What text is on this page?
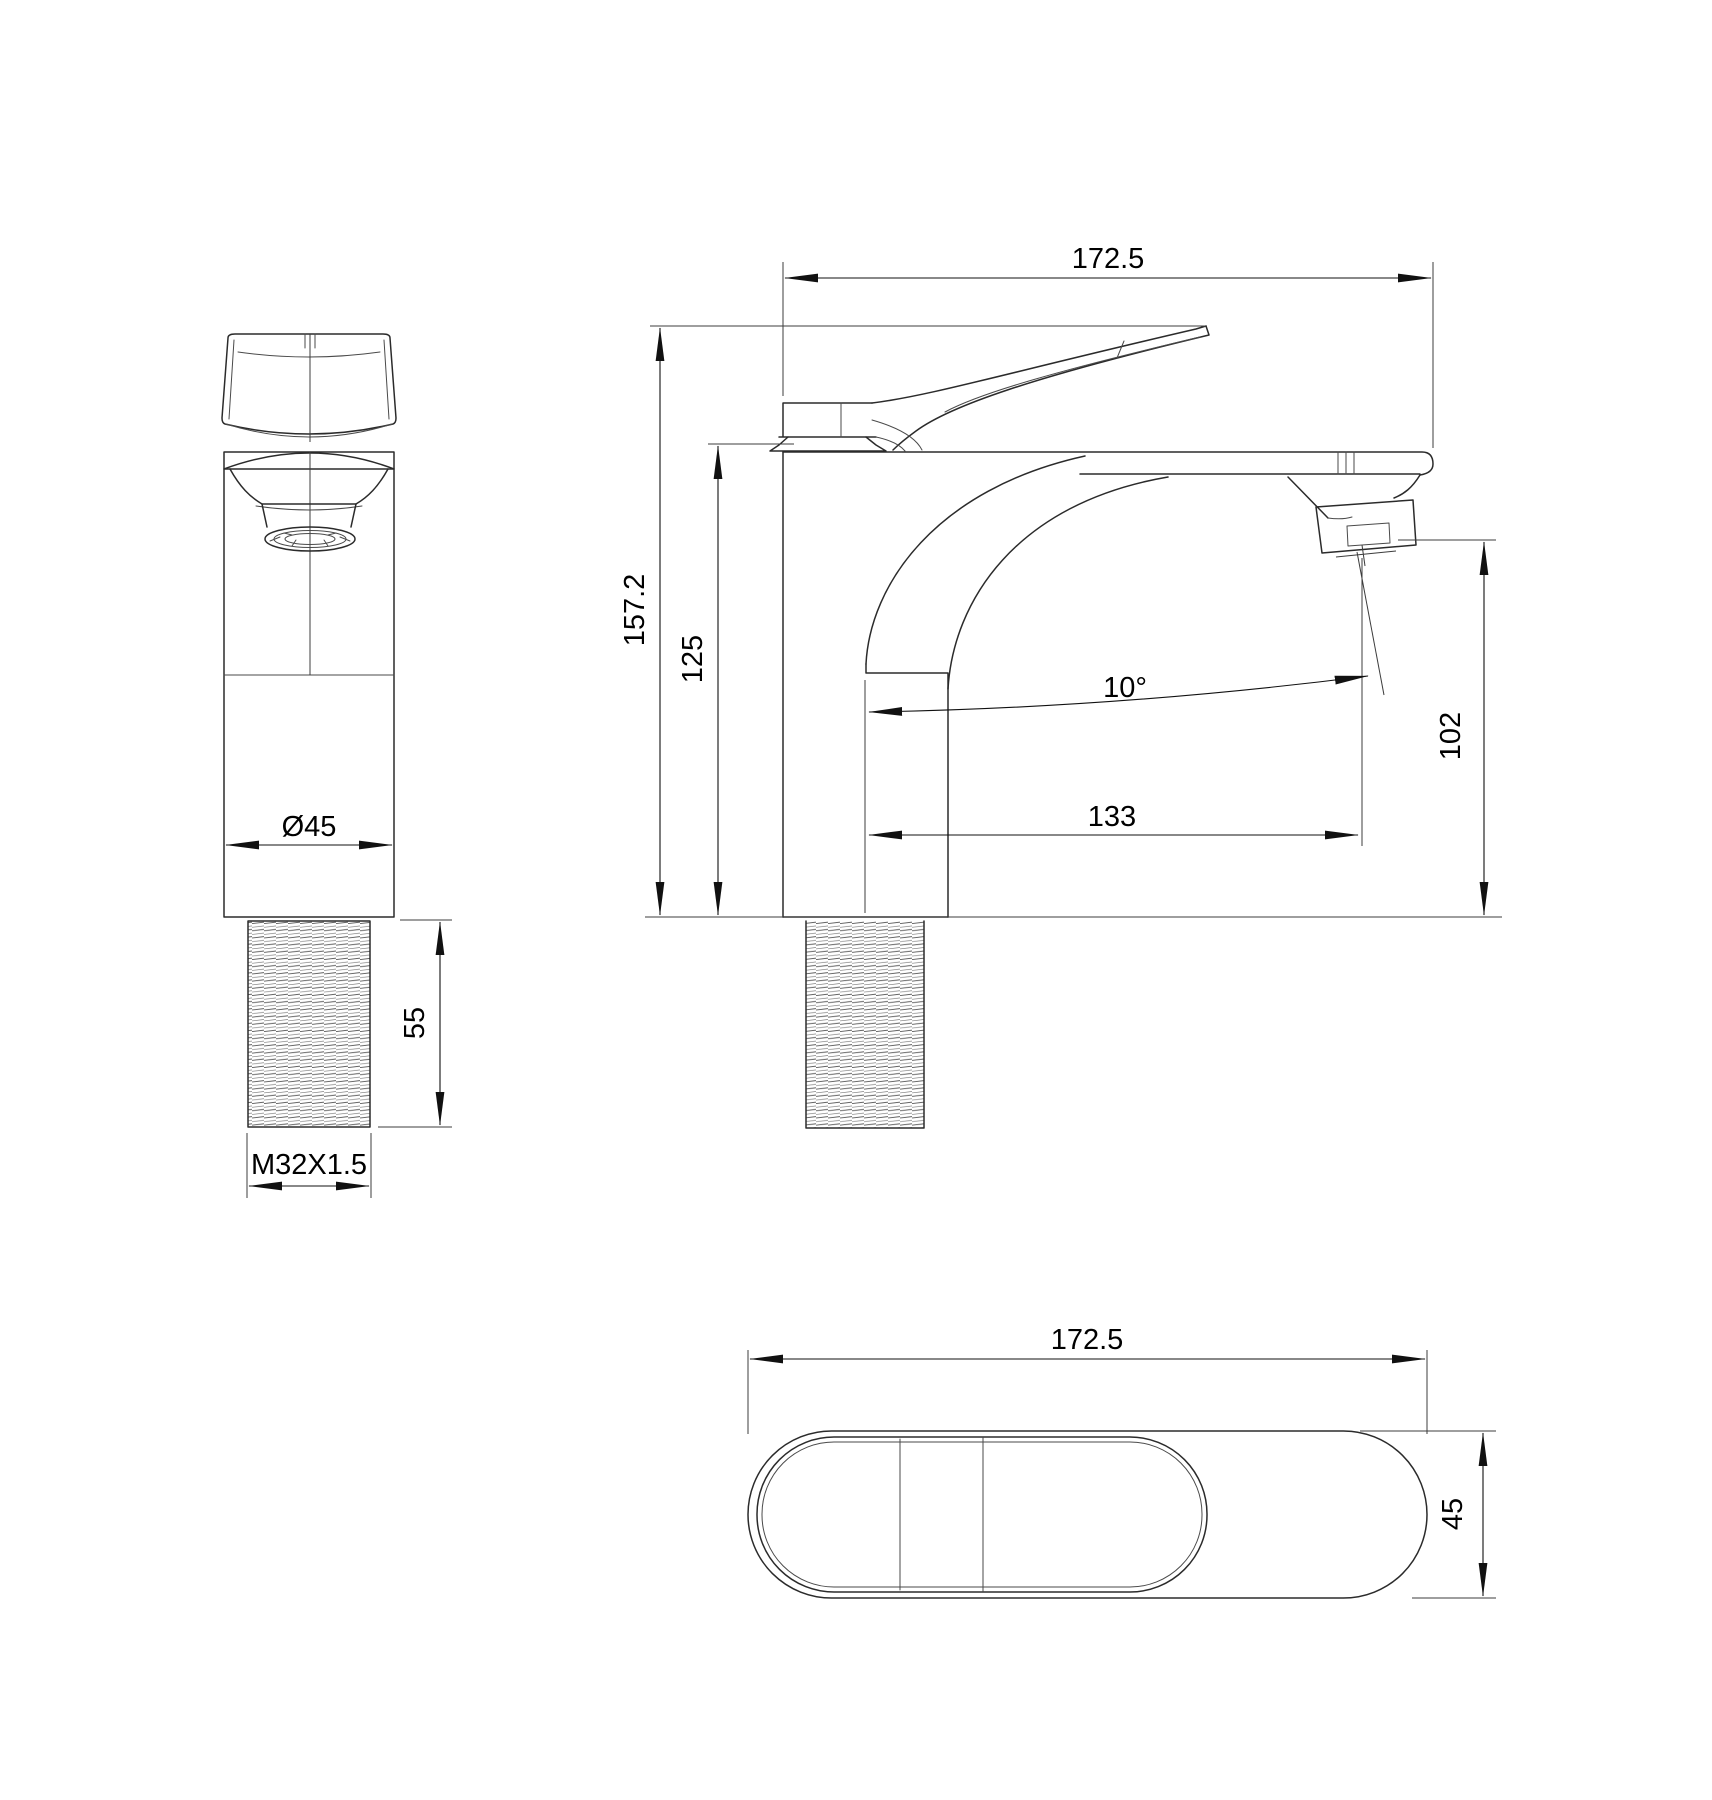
Ø45
55
M32X1.5
172.5
157.2
125
102
133
10°
172.5
45
